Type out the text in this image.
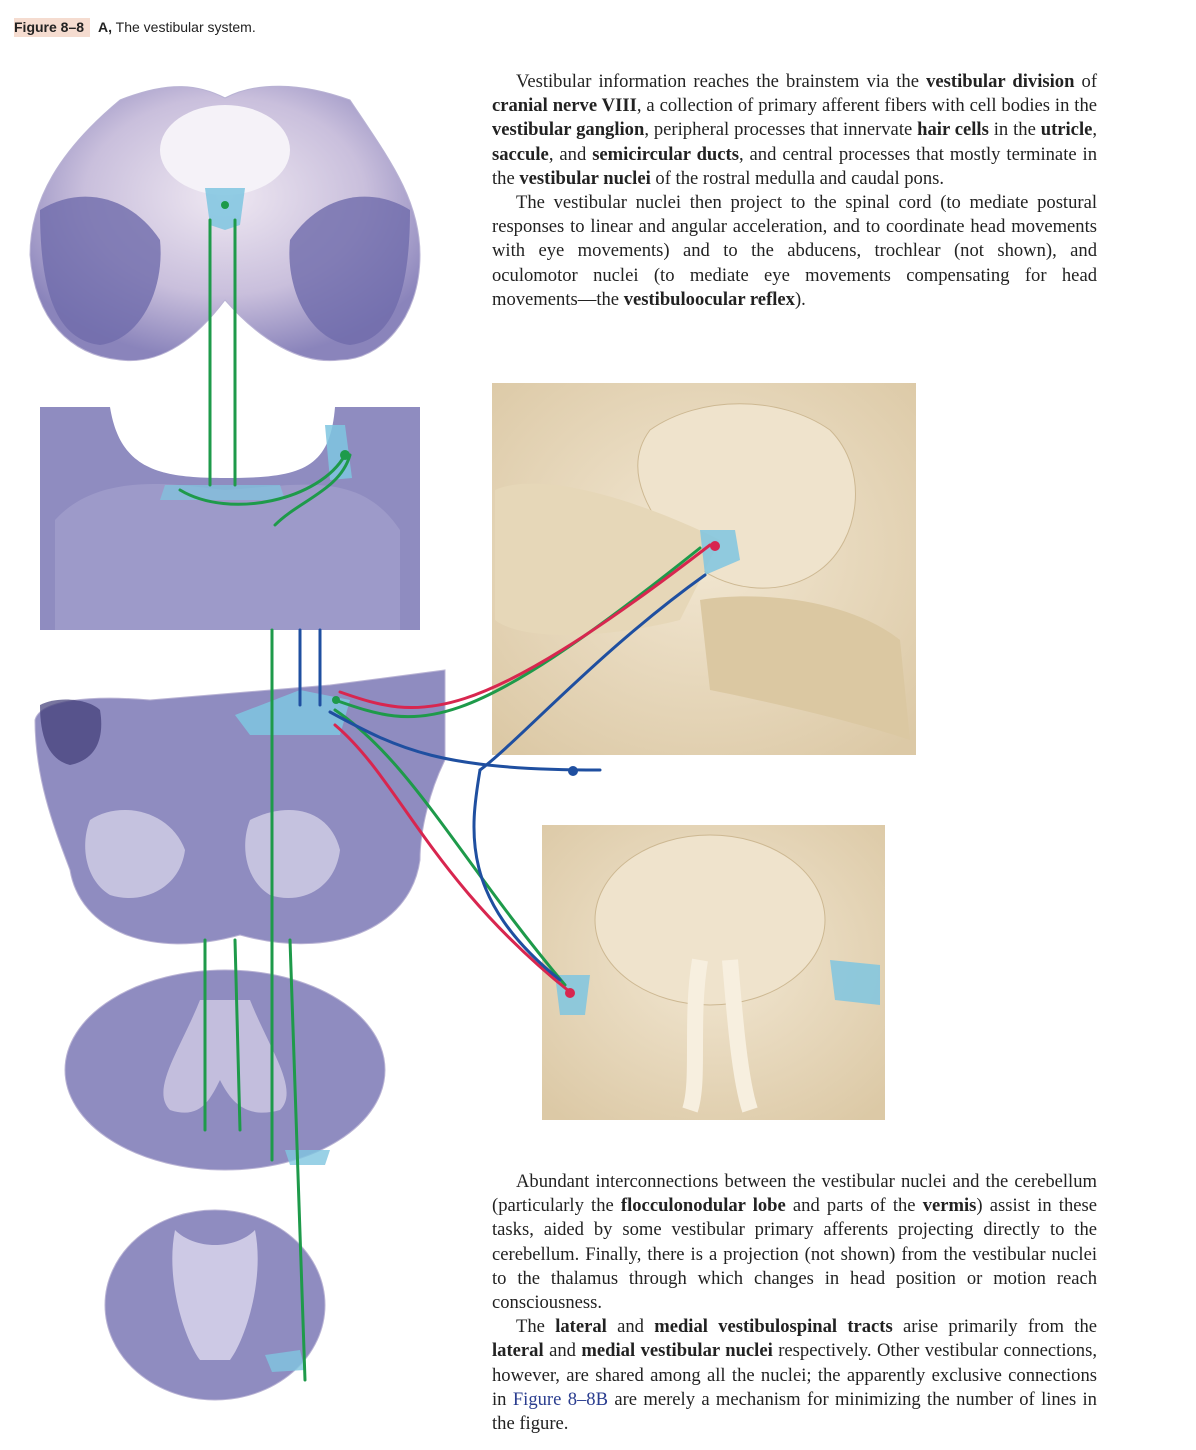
Figure 8–8 A, The vestibular system.

Vestibular information reaches the brainstem via the vestibular division of cranial nerve VIII, a collection of primary afferent fibers with cell bodies in the vestibular ganglion, peripheral processes that innervate hair cells in the utricle, saccule, and semicircular ducts, and central processes that mostly terminate in the vestibular nuclei of the rostral medulla and caudal pons.

The vestibular nuclei then project to the spinal cord (to mediate postural responses to linear and angular acceleration, and to coordinate head movements with eye movements) and to the abducens, trochlear (not shown), and oculomotor nuclei (to mediate eye movements compensating for head movements—the vestibuloocular reflex).

Abundant interconnections between the vestibular nuclei and the cerebellum (particularly the flocculonodular lobe and parts of the vermis) assist in these tasks, aided by some vestibular primary afferents projecting directly to the cerebellum. Finally, there is a projection (not shown) from the vestibular nuclei to the thalamus through which changes in head position or motion reach consciousness.

The lateral and medial vestibulospinal tracts arise primarily from the lateral and medial vestibular nuclei respectively. Other vestibular connections, however, are shared among all the nuclei; the apparently exclusive connections in Figure 8–8B are merely a mechanism for minimizing the number of lines in the figure.
